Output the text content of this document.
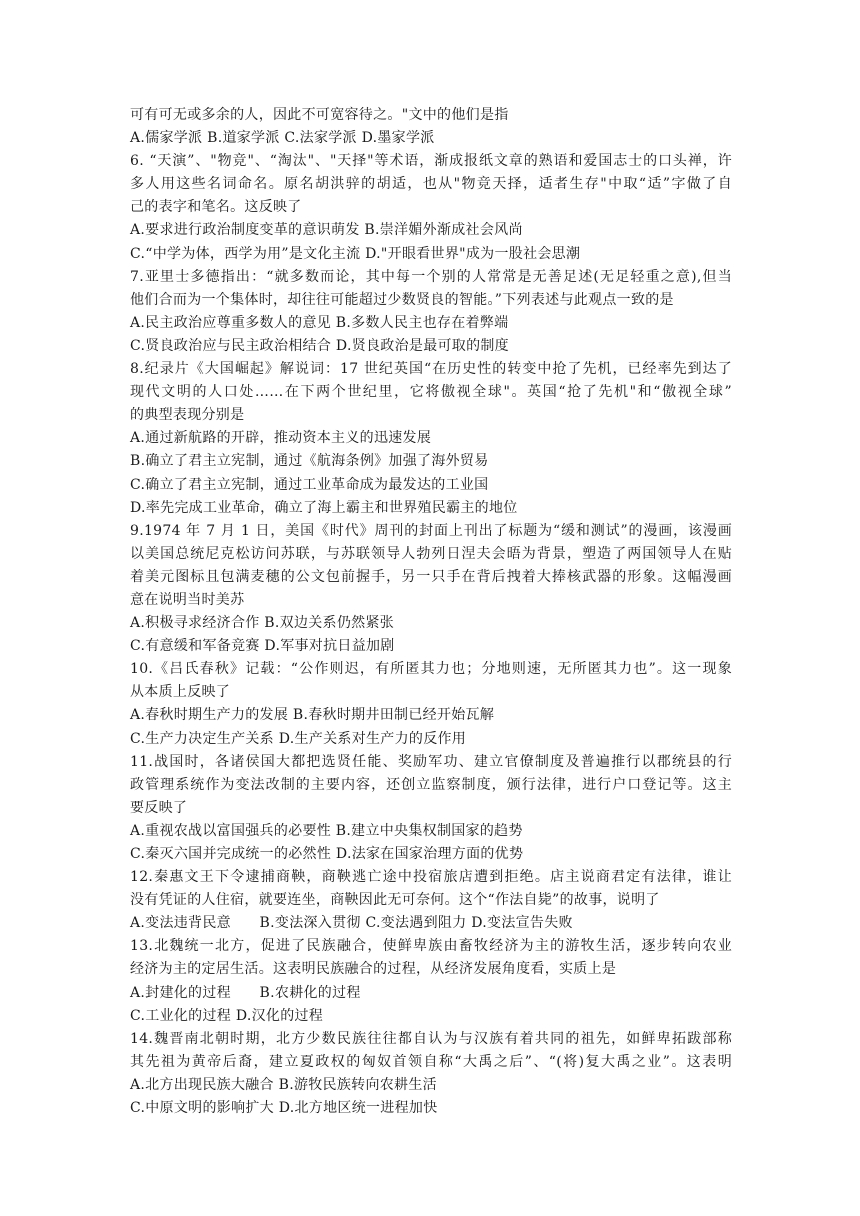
可有可无或多余的人，因此不可宽容待之。"文中的他们是指

A.儒家学派 B.道家学派 C.法家学派 D.墨家学派

6. “天演”、"物竞"、“淘汰"、"天择"等术语，渐成报纸文章的熟语和爱国志士的口头禅，许

多人用这些名词命名。原名胡洪骍的胡适，也从"物竞天择，适者生存"中取“适”字做了自

己的表字和笔名。这反映了

A.要求进行政治制度变革的意识萌发 B.崇洋媚外渐成社会风尚

C.“中学为体，西学为用”是文化主流 D."开眼看世界"成为一股社会思潮

7.亚里士多德指出：“就多数而论，其中每一个别的人常常是无善足述(无足轻重之意),但当

他们合而为一个集体时，却往往可能超过少数贤良的智能。”下列表述与此观点一致的是

A.民主政治应尊重多数人的意见 B.多数人民主也存在着弊端

C.贤良政治应与民主政治相结合 D.贤良政治是最可取的制度

8.纪录片《大国崛起》解说词：17 世纪英国“在历史性的转变中抢了先机，已经率先到达了

现代文明的人口处……在下两个世纪里，它将傲视全球"。英国“抢了先机"和“傲视全球”

的典型表现分别是

A.通过新航路的开辟，推动资本主义的迅速发展

B.确立了君主立宪制，通过《航海条例》加强了海外贸易

C.确立了君主立宪制，通过工业革命成为最发达的工业国

D.率先完成工业革命，确立了海上霸主和世界殖民霸主的地位

9.1974 年 7 月 1 日，美国《时代》周刊的封面上刊出了标题为“缓和测试”的漫画，该漫画

以美国总统尼克松访问苏联，与苏联领导人勃列日涅夫会晤为背景，塑造了两国领导人在贴

着美元图标且包满麦穗的公文包前握手，另一只手在背后拽着大捧核武器的形象。这幅漫画

意在说明当时美苏

A.积极寻求经济合作 B.双边关系仍然紧张

C.有意缓和军备竞赛 D.军事对抗日益加剧

10.《吕氏春秋》记载：“公作则迟，有所匿其力也；分地则速，无所匿其力也”。这一现象

从本质上反映了

A.春秋时期生产力的发展 B.春秋时期井田制已经开始瓦解

C.生产力决定生产关系 D.生产关系对生产力的反作用

11.战国时，各诸侯国大都把选贤任能、奖励军功、建立官僚制度及普遍推行以郡统县的行

政管理系统作为变法改制的主要内容，还创立监察制度，颁行法律，进行户口登记等。这主

要反映了

A.重视农战以富国强兵的必要性 B.建立中央集权制国家的趋势

C.秦灭六国并完成统一的必然性 D.法家在国家治理方面的优势

12.秦惠文王下令逮捕商鞅，商鞅逃亡途中投宿旅店遭到拒绝。店主说商君定有法律，谁让

没有凭证的人住宿，就要连坐，商鞅因此无可奈何。这个“作法自毙”的故事，说明了

A.变法违背民意　　B.变法深入贯彻 C.变法遇到阻力 D.变法宣告失败

13.北魏统一北方，促进了民族融合，使鲜卑族由畜牧经济为主的游牧生活，逐步转向农业

经济为主的定居生活。这表明民族融合的过程，从经济发展角度看，实质上是

A.封建化的过程　　B.农耕化的过程

C.工业化的过程 D.汉化的过程

14.魏晋南北朝时期，北方少数民族往往都自认为与汉族有着共同的祖先，如鲜卑拓跋部称

其先祖为黄帝后裔，建立夏政权的匈奴首领自称“大禹之后”、“(将)复大禹之业”。这表明

A.北方出现民族大融合 B.游牧民族转向农耕生活

C.中原文明的影响扩大 D.北方地区统一进程加快
